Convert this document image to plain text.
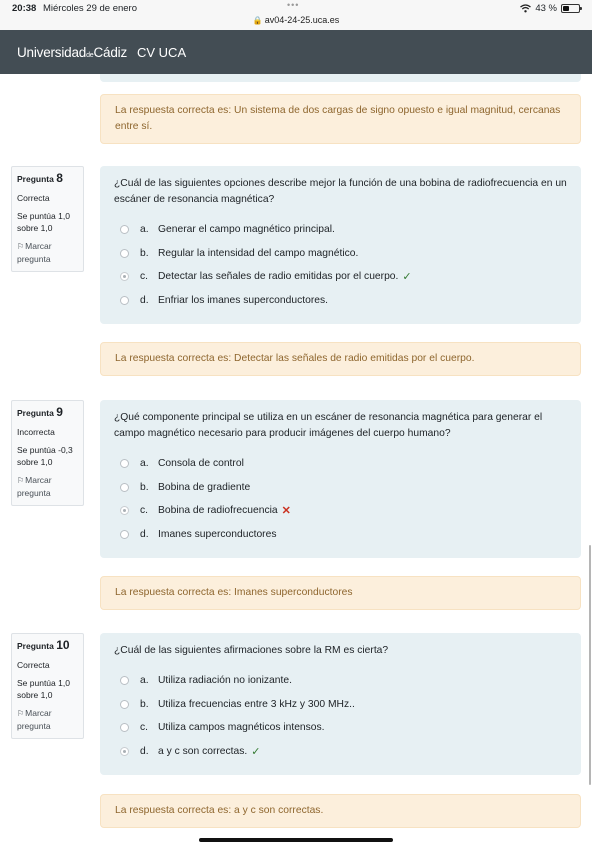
20:38 Miércoles 29 de enero	•••
🔒 av04-24-25.uca.es
43 %
UniversidaddeCádiz CV UCA
La respuesta correcta es: Un sistema de dos cargas de signo opuesto e igual magnitud, cercanas entre sí.
Pregunta 8
Correcta
Se puntúa 1,0 sobre 1,0
⚐Marcar pregunta
¿Cuál de las siguientes opciones describe mejor la función de una bobina de radiofrecuencia en un escáner de resonancia magnética?
a. Generar el campo magnético principal.
b. Regular la intensidad del campo magnético.
c. Detectar las señales de radio emitidas por el cuerpo. ✓
d. Enfriar los imanes superconductores.
La respuesta correcta es: Detectar las señales de radio emitidas por el cuerpo.
Pregunta 9
Incorrecta
Se puntúa -0,3 sobre 1,0
⚐Marcar pregunta
¿Qué componente principal se utiliza en un escáner de resonancia magnética para generar el campo magnético necesario para producir imágenes del cuerpo humano?
a. Consola de control
b. Bobina de gradiente
c. Bobina de radiofrecuencia ✕
d. Imanes superconductores
La respuesta correcta es: Imanes superconductores
Pregunta 10
Correcta
Se puntúa 1,0 sobre 1,0
⚐Marcar pregunta
¿Cuál de las siguientes afirmaciones sobre la RM es cierta?
a. Utiliza radiación no ionizante.
b. Utiliza frecuencias entre 3 kHz y 300 MHz..
c. Utiliza campos magnéticos intensos.
d. a y c son correctas. ✓
La respuesta correcta es: a y c son correctas.
